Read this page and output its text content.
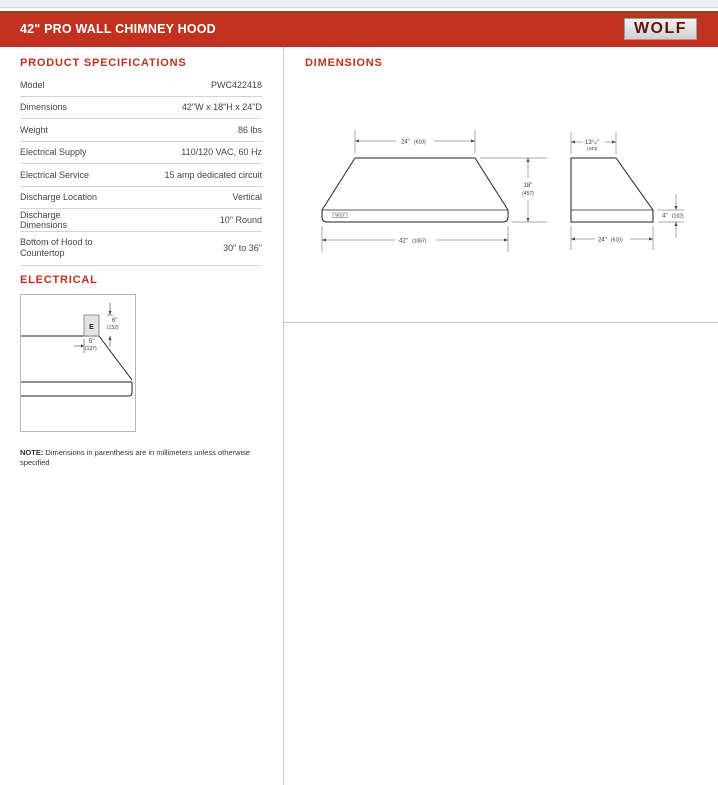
42" PRO WALL CHIMNEY HOOD	WOLF
PRODUCT SPECIFICATIONS
Model	PWC422418
Dimensions	42"W x 18"H x 24"D
Weight	86 lbs
Electrical Supply	110/120 VAC, 60 Hz
Electrical Service	15 amp dedicated circuit
Discharge Location	Vertical
Discharge Dimensions	10" Round
Bottom of Hood to Countertop	30" to 36"
ELECTRICAL
E
6"
(152)
5"
(127)
NOTE: Dimensions in parenthesis are in millimeters unless otherwise specified
DIMENSIONS
WOLF
24" (610)
18"
(457)
42" (1067)
$13^1_/2$"
(343)
4" (102)
24" (610)
